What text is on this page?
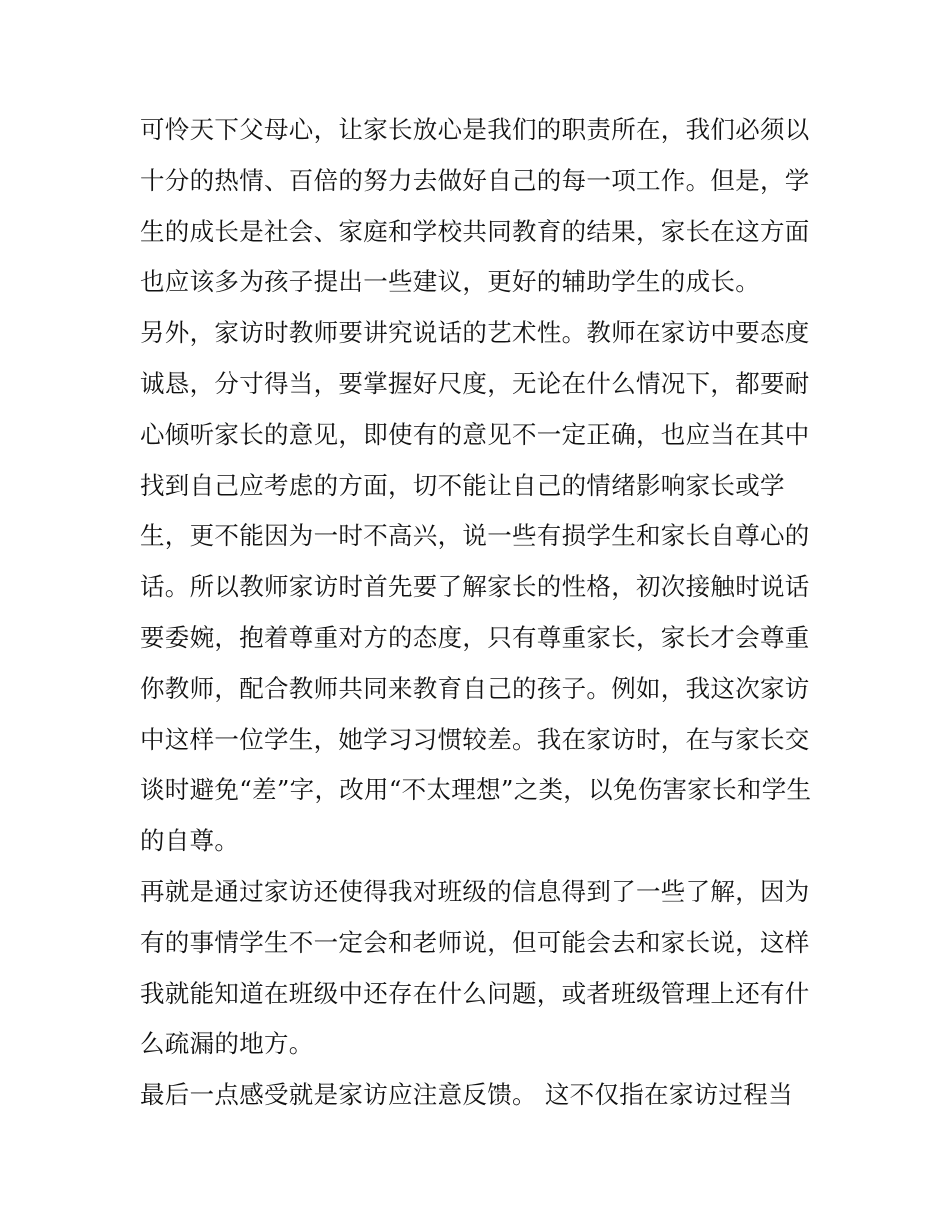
可怜天下父母心，让家长放心是我们的职责所在，我们必须以
十分的热情、百倍的努力去做好自己的每一项工作。但是，学
生的成长是社会、家庭和学校共同教育的结果，家长在这方面
也应该多为孩子提出一些建议，更好的辅助学生的成长。
另外，家访时教师要讲究说话的艺术性。教师在家访中要态度
诚恳，分寸得当，要掌握好尺度，无论在什么情况下，都要耐
心倾听家长的意见，即使有的意见不一定正确，也应当在其中
找到自己应考虑的方面，切不能让自己的情绪影响家长或学
生，更不能因为一时不高兴，说一些有损学生和家长自尊心的
话。所以教师家访时首先要了解家长的性格，初次接触时说话
要委婉，抱着尊重对方的态度，只有尊重家长，家长才会尊重
你教师，配合教师共同来教育自己的孩子。例如，我这次家访
中这样一位学生，她学习习惯较差。我在家访时，在与家长交
谈时避免“差”字，改用“不太理想”之类，以免伤害家长和学生
的自尊。
再就是通过家访还使得我对班级的信息得到了一些了解，因为
有的事情学生不一定会和老师说，但可能会去和家长说，这样
我就能知道在班级中还存在什么问题，或者班级管理上还有什
么疏漏的地方。
最后一点感受就是家访应注意反馈。 这不仅指在家访过程当
